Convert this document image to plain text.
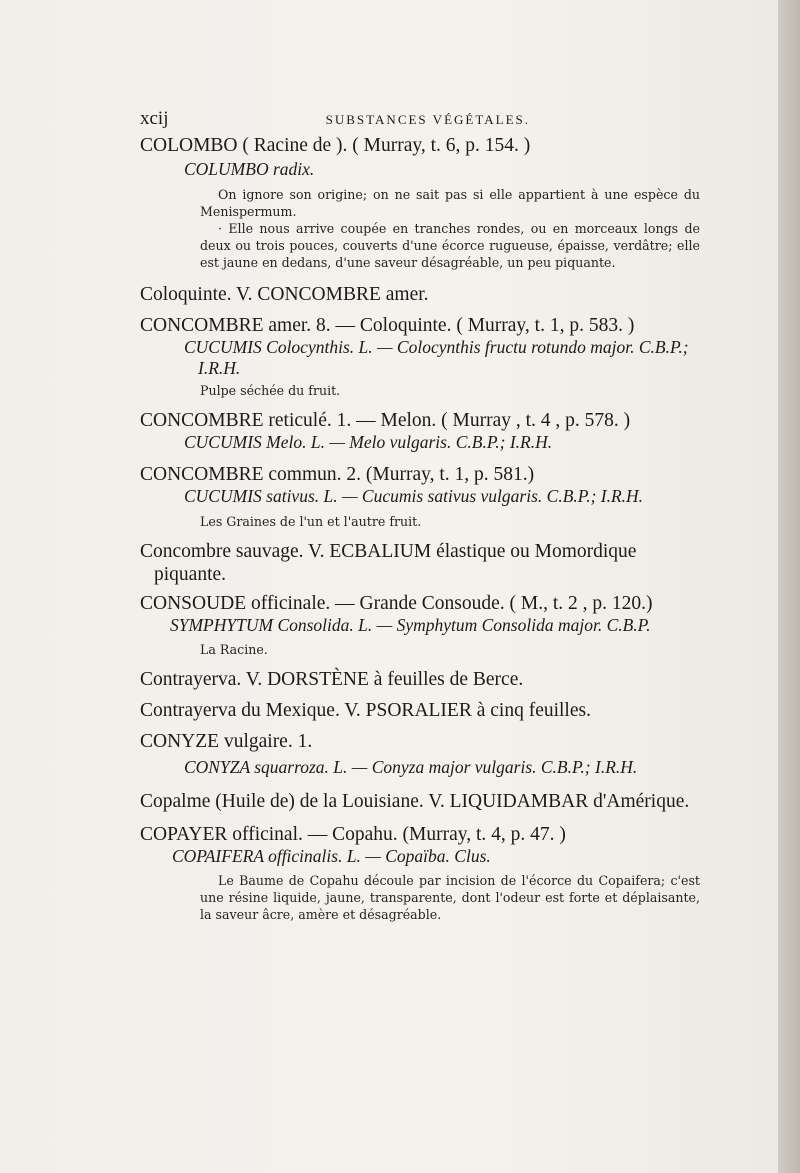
xcij	SUBSTANCES VÉGÉTALES.
COLOMBO ( Racine de ). ( Murray, t. 6, p. 154. )
COLUMBO radix.
On ignore son origine; on ne sait pas si elle appartient à une espèce du Menispermum.
· Elle nous arrive coupée en tranches rondes, ou en morceaux longs de deux ou trois pouces, couverts d'une écorce rugueuse, épaisse, verdâtre; elle est jaune en dedans, d'une saveur désagréable, un peu piquante.
Coloquinte. V. CONCOMBRE amer.
CONCOMBRE amer. 8. — Coloquinte. ( Murray, t. 1, p. 583. )
CUCUMIS Colocynthis. L. — Colocynthis fructu rotundo major. C.B.P.; I.R.H.
Pulpe séchée du fruit.
CONCOMBRE reticulé. 1. — Melon. ( Murray , t. 4 , p. 578. )
CUCUMIS Melo. L. — Melo vulgaris. C.B.P.; I.R.H.
CONCOMBRE commun. 2. (Murray, t. 1, p. 581.)
CUCUMIS sativus. L. — Cucumis sativus vulgaris. C.B.P.; I.R.H.
Les Graines de l'un et l'autre fruit.
Concombre sauvage. V. ECBALIUM élastique ou Momordique piquante.
CONSOUDE officinale. — Grande Consoude. ( M., t. 2 , p. 120.)
SYMPHYTUM Consolida. L. — Symphytum Consolida major. C.B.P.
La Racine.
Contrayerva. V. DORSTÈNE à feuilles de Berce.
Contrayerva du Mexique. V. PSORALIER à cinq feuilles.
CONYZE vulgaire. 1.
CONYZA squarroza. L. — Conyza major vulgaris. C.B.P.; I.R.H.
Copalme (Huile de) de la Louisiane. V. LIQUIDAMBAR d'Amérique.
COPAYER officinal. — Copahu. (Murray, t. 4, p. 47. )
COPAIFERA officinalis. L. — Copaïba. Clus.
Le Baume de Copahu découle par incision de l'écorce du Copaifera; c'est une résine liquide, jaune, transparente, dont l'odeur est forte et déplaisante, la saveur âcre, amère et désagréable.
